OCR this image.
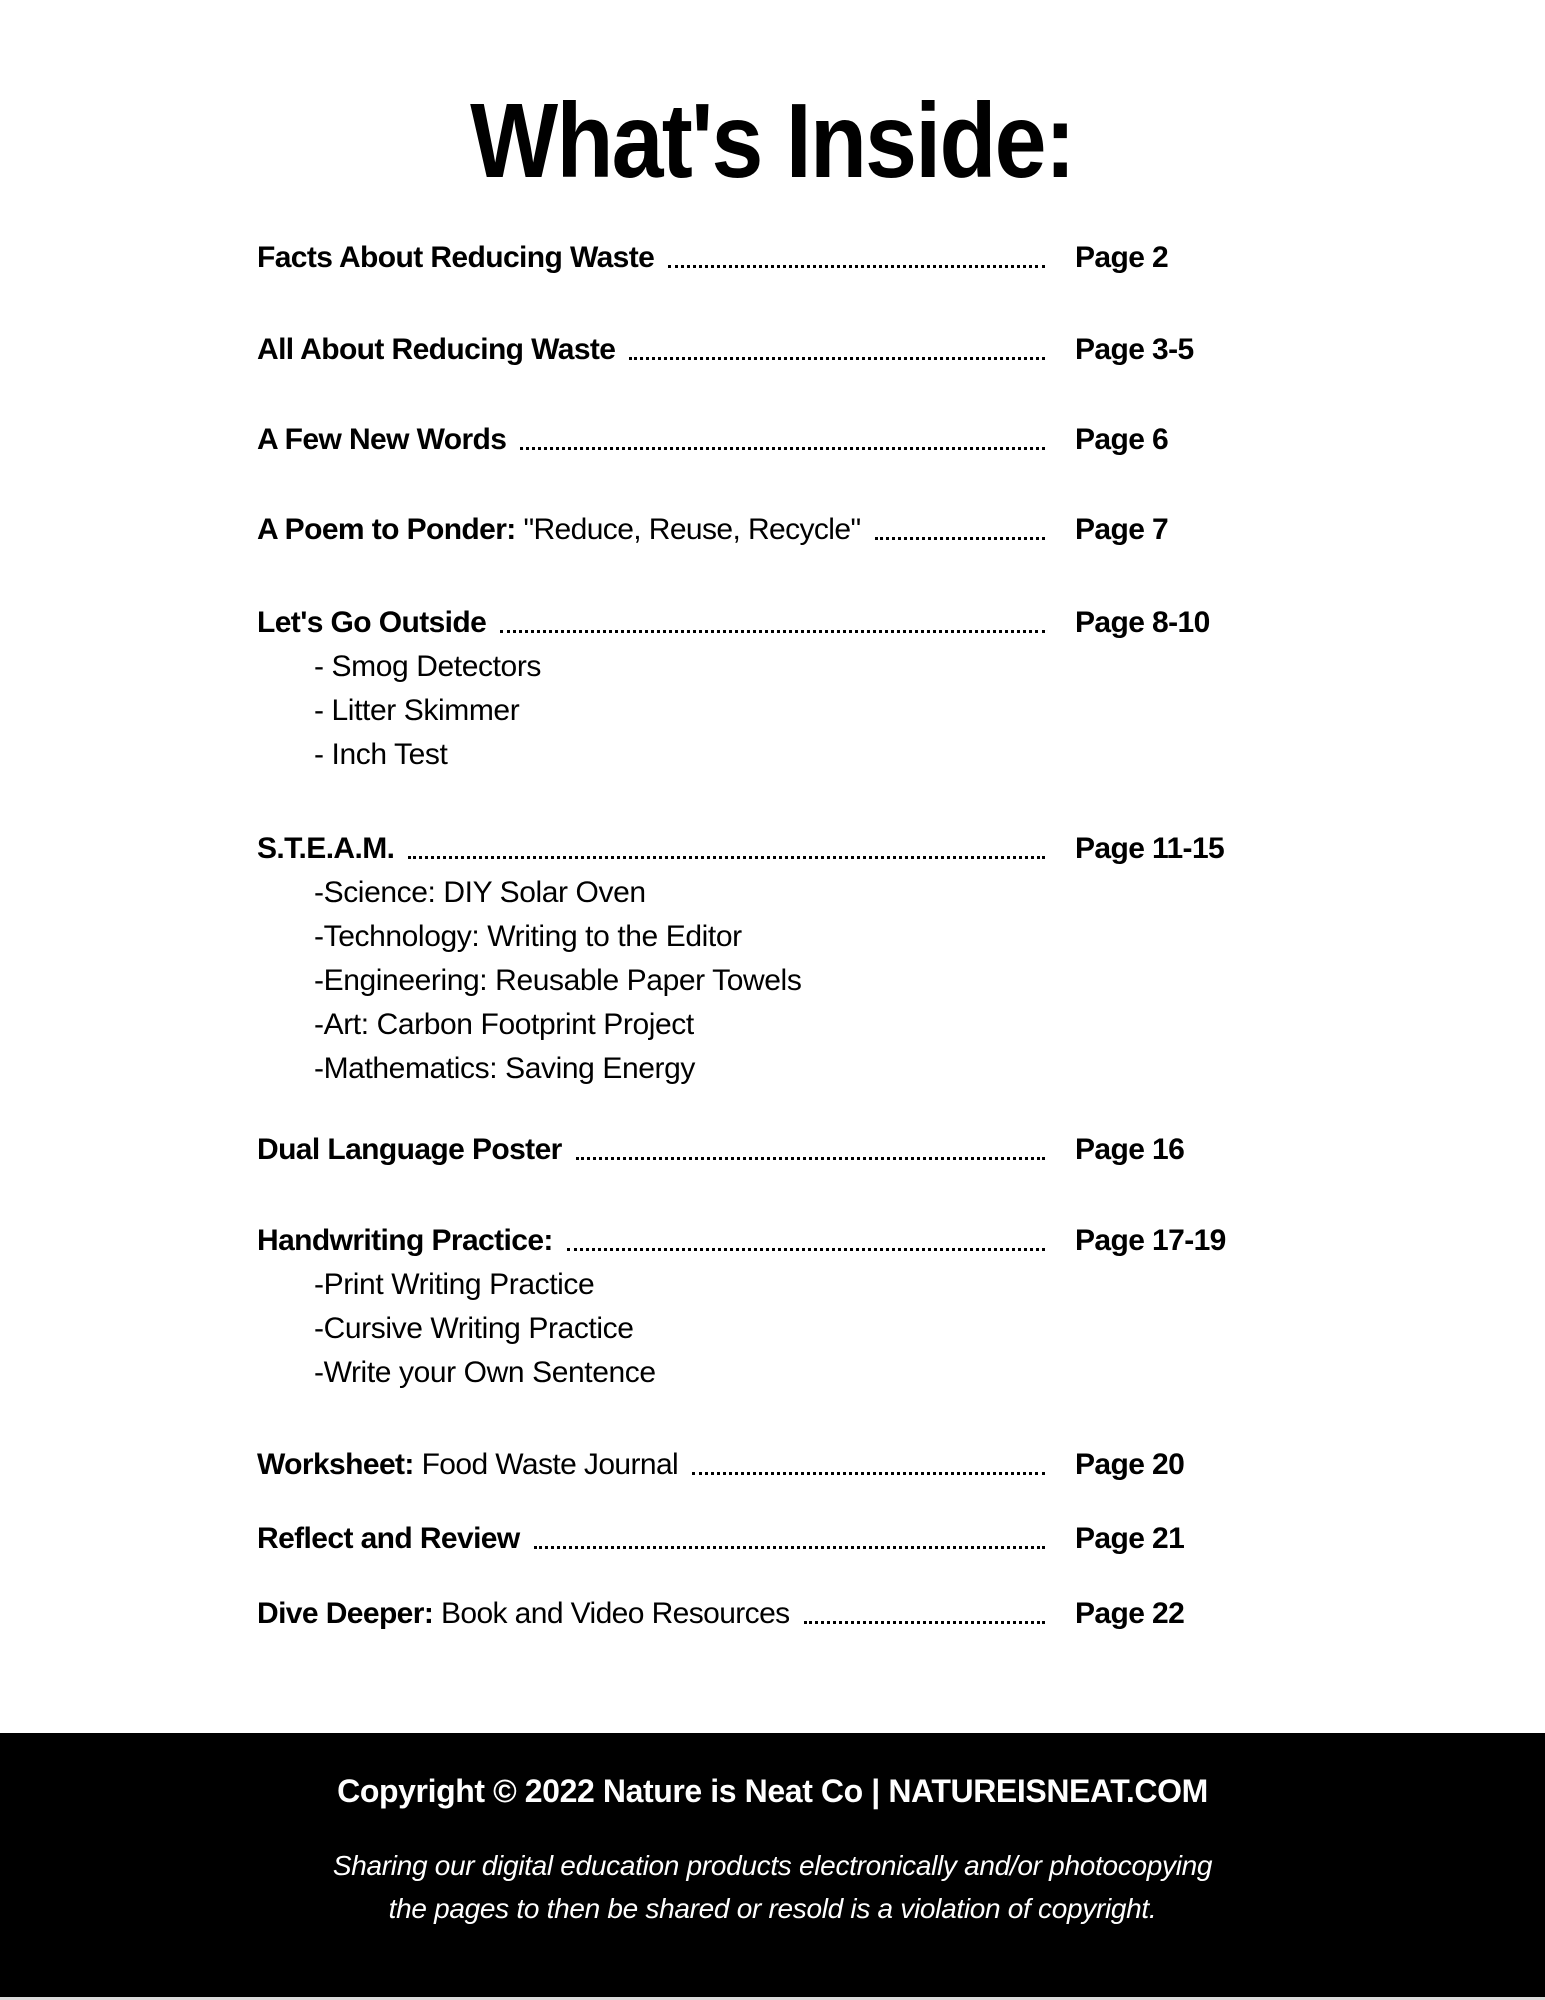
What's Inside:
Facts About Reducing Waste	Page 2
All About Reducing Waste	Page 3-5
A Few New Words	Page 6
A Poem to Ponder: "Reduce, Reuse, Recycle"	Page 7
Let's Go Outside	Page 8-10
- Smog Detectors
- Litter Skimmer
- Inch Test
S.T.E.A.M.	Page 11-15
-Science: DIY Solar Oven
-Technology: Writing to the Editor
-Engineering: Reusable Paper Towels
-Art: Carbon Footprint Project
-Mathematics: Saving Energy
Dual Language Poster	Page 16
Handwriting Practice:	Page 17-19
-Print Writing Practice
-Cursive Writing Practice
-Write your Own Sentence
Worksheet: Food Waste Journal	Page 20
Reflect and Review	Page 21
Dive Deeper: Book and Video Resources	Page 22

Copyright © 2022 Nature is Neat Co | NATUREISNEAT.COM

Sharing our digital education products electronically and/or photocopying
the pages to then be shared or resold is a violation of copyright.
